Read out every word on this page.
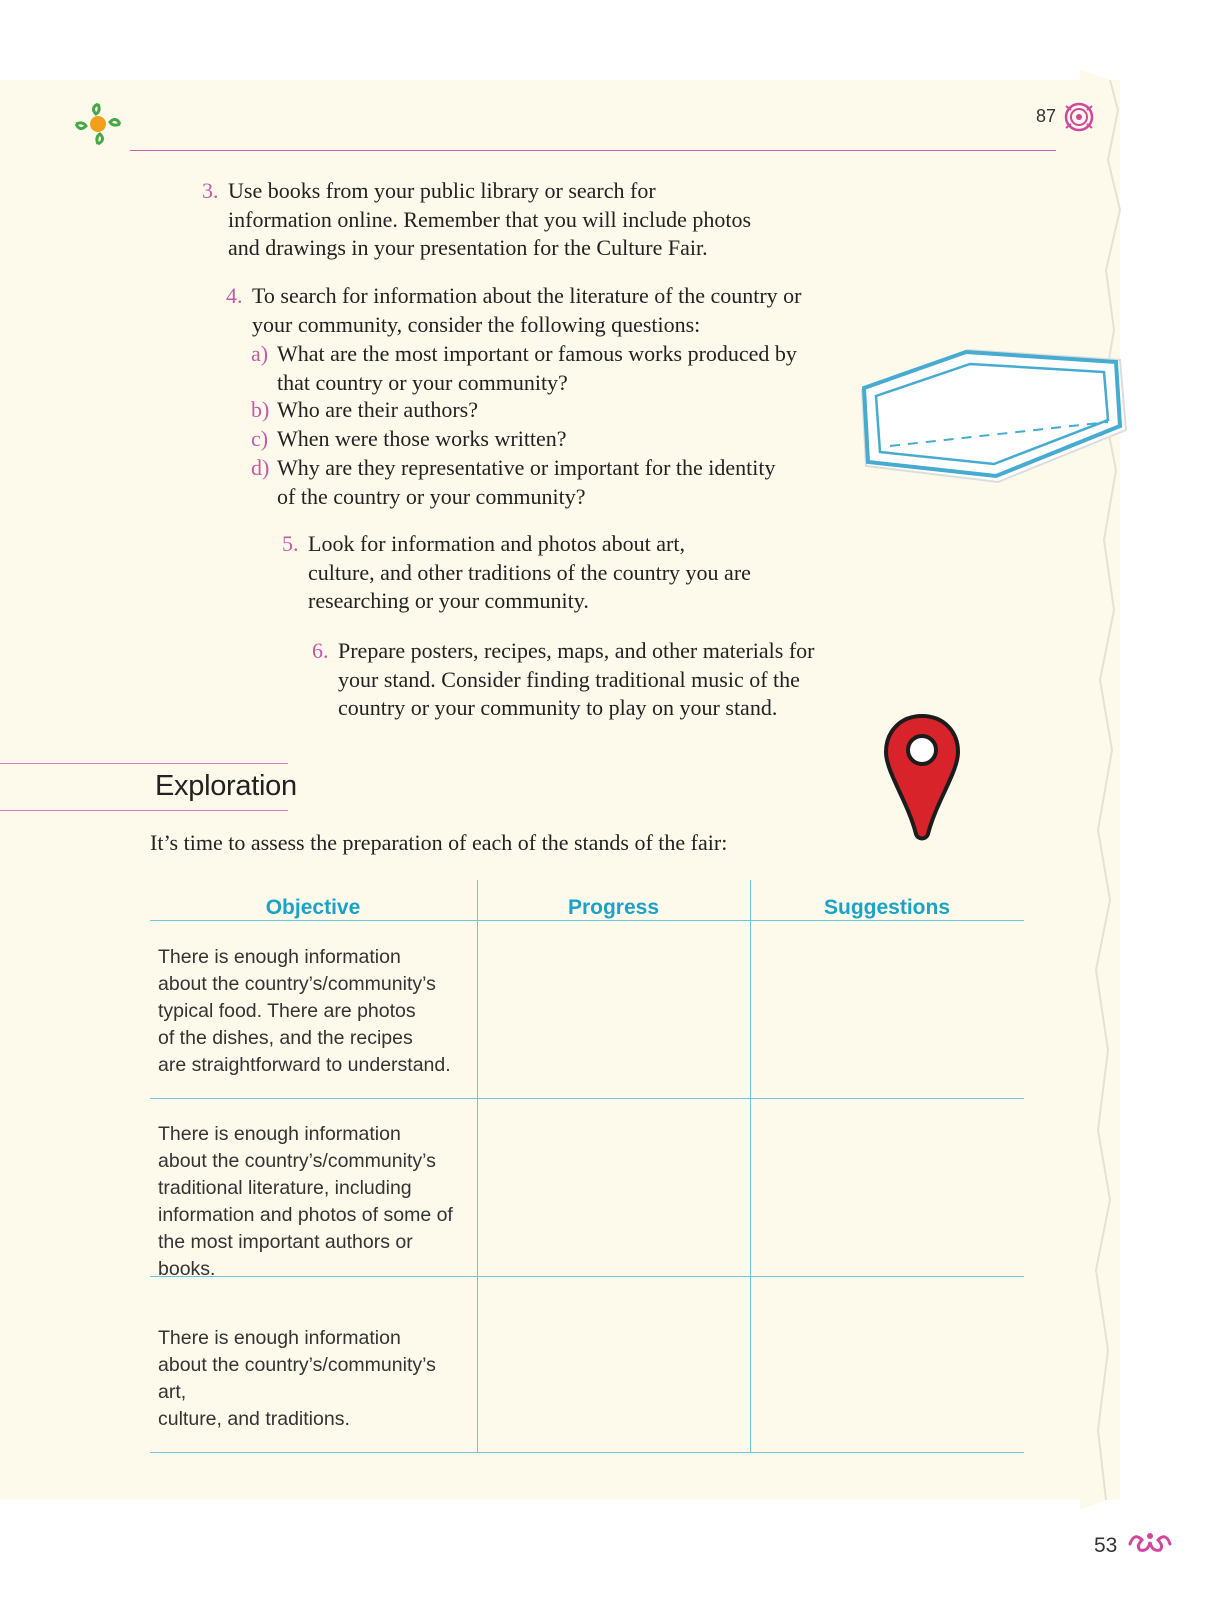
87
3. Use books from your public library or search for
information online. Remember that you will include photos
and drawings in your presentation for the Culture Fair.
4. To search for information about the literature of the country or
your community, consider the following questions:
a) What are the most important or famous works produced by
that country or your community?
b) Who are their authors?
c) When were those works written?
d) Why are they representative or important for the identity
of the country or your community?
5. Look for information and photos about art,
culture, and other traditions of the country you are
researching or your community.
6. Prepare posters, recipes, maps, and other materials for
your stand. Consider finding traditional music of the
country or your community to play on your stand.
Exploration
It’s time to assess the preparation of each of the stands of the fair:
Objective	Progress	Suggestions
There is enough information
about the country’s/community’s
typical food. There are photos
of the dishes, and the recipes
are straightforward to understand.
There is enough information
about the country’s/community’s
traditional literature, including
information and photos of some of
the most important authors or books.
There is enough information
about the country’s/community’s art,
culture, and traditions.
53
